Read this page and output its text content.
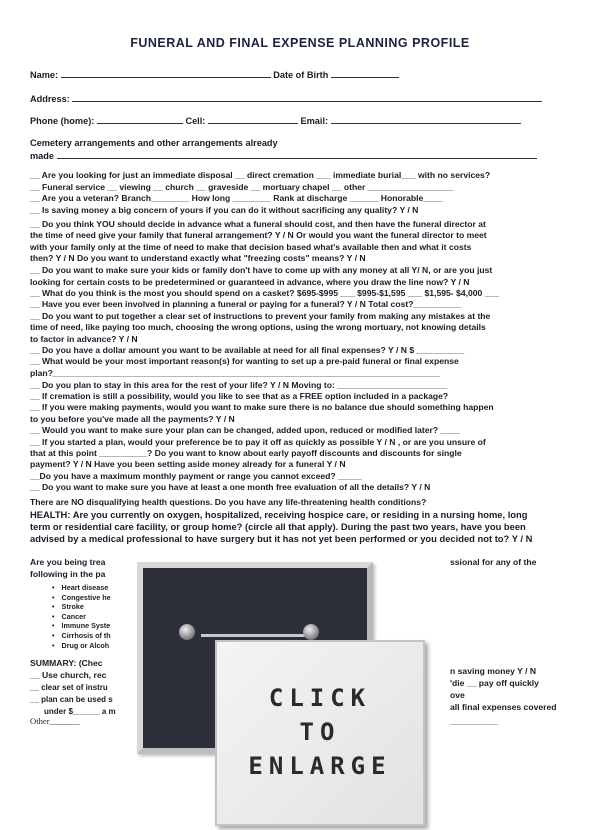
FUNERAL AND FINAL EXPENSE PLANNING PROFILE
Name:	Date of Birth
Address:
Phone (home):	Cell:	Email:
Cemetery arrangements and other arrangements already
made
__ Are you looking for just an immediate disposal __ direct cremation ___ immediate burial___ with no services?
__ Funeral service __ viewing __ church __ graveside __ mortuary chapel __ other __________________
__ Are you a veteran? Branch________ How long ________ Rank at discharge ______ Honorable____
__ Is saving money a big concern of yours if you can do it without sacrificing any quality? Y / N
__ Do you think YOU should decide in advance what a funeral should cost, and then have the funeral director at
the time of need give your family that funeral arrangement? Y / N Or would you want the funeral director to meet
with your family only at the time of need to make that decision based what's available then and what it costs
then? Y / N Do you want to understand exactly what "freezing costs" means? Y / N
__ Do you want to make sure your kids or family don't have to come up with any money at all Y/ N, or are you just
looking for certain costs to be predetermined or guaranteed in advance, where you draw the line now? Y / N
__ What do you think is the most you should spend on a casket? $695-$995 ___ $995-$1,595 ___ $1,595- $4,000 ___
__ Have you ever been involved in planning a funeral or paying for a funeral? Y / N Total cost?__________
__ Do you want to put together a clear set of instructions to prevent your family from making any mistakes at the
time of need, like paying too much, choosing the wrong options, using the wrong mortuary, not knowing details
to factor in advance? Y / N
__ Do you have a dollar amount you want to be available at need for all final expenses? Y / N $ __________
__ What would be your most important reason(s) for wanting to set up a pre-paid funeral or final expense
plan?_________________________________________________________________________________
__ Do you plan to stay in this area for the rest of your life? Y / N Moving to: _______________________
__ If cremation is still a possibility, would you like to see that as a FREE option included in a package?
__ If you were making payments, would you want to make sure there is no balance due should something happen
to you before you've made all the payments? Y / N
__ Would you want to make sure your plan can be changed, added upon, reduced or modified later? ____
__ If you started a plan, would your preference be to pay it off as quickly as possible Y / N , or are you unsure of
that at this point __________? Do you want to know about early payoff discounts and discounts for single
payment? Y / N Have you been setting aside money already for a funeral Y / N
__Do you have a maximum monthly payment or range you cannot exceed? _____
__ Do you want to make sure you have at least a one month free evaluation of all the details? Y / N
There are NO disqualifying health questions. Do you have any life-threatening health conditions?
HEALTH: Are you currently on oxygen, hospitalized, receiving hospice care, or residing in a nursing home, long
term or residential care facility, or group home? (circle all that apply). During the past two years, have you been
advised by a medical professional to have surgery but it has not yet been performed or you decided not to? Y / N
Are you being trea	ssional for any of the
following in the pa
• Heart disease
• Congestive he
• Stroke
• Cancer
• Immune Syste
• Cirrhosis of th
• Drug or Alcoh
SUMMARY: (Chec
n saving money Y / N
__ Use church, rec
'die __ pay off quickly
__ clear set of instru
ove
__ plan can be used s
all final expenses covered
under $______ a m
Other_______	__________
CLICK
TO
ENLARGE
